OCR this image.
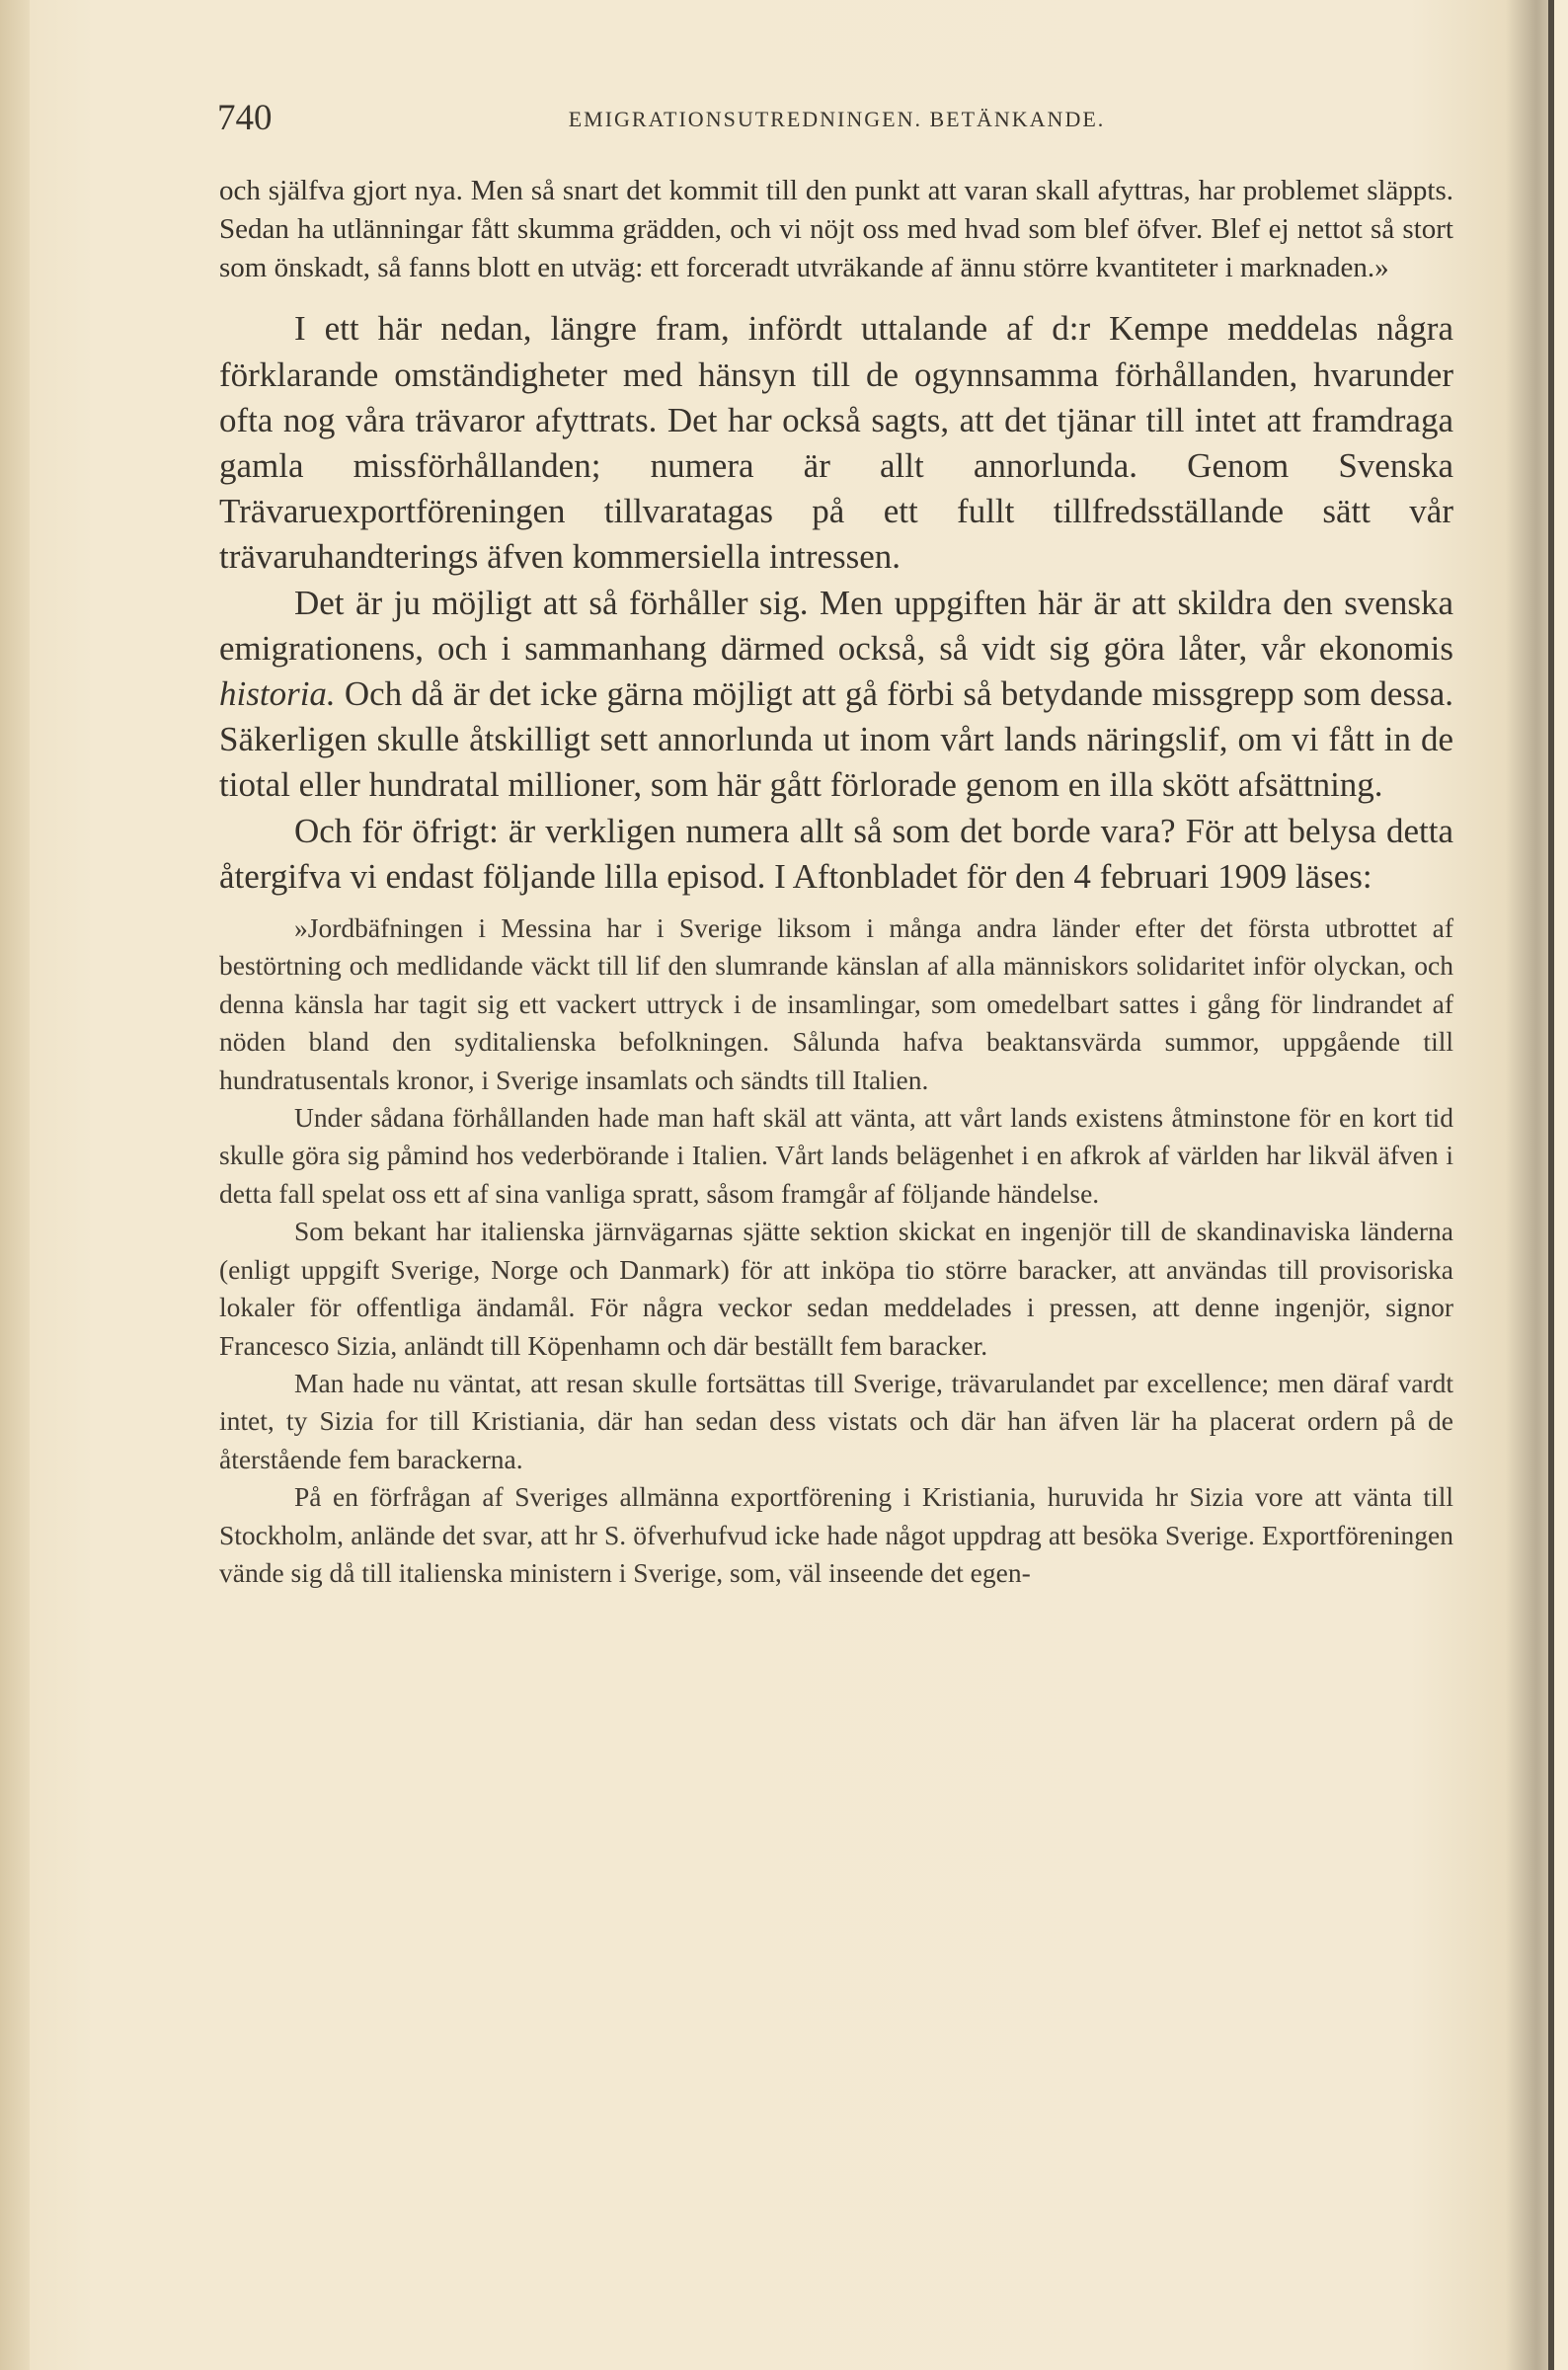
740	EMIGRATIONSUTREDNINGEN. BETÄNKANDE.

och själfva gjort nya. Men så snart det kommit till den punkt att varan skall afyttras, har problemet släppts. Sedan ha utlänningar fått skumma grädden, och vi nöjt oss med hvad som blef öfver. Blef ej nettot så stort som önskadt, så fanns blott en utväg: ett forceradt utvräkande af ännu större kvantiteter i marknaden.»

I ett här nedan, längre fram, infördt uttalande af d:r Kempe meddelas några förklarande omständigheter med hänsyn till de ogynnsamma förhållanden, hvarunder ofta nog våra trävaror afyttrats. Det har också sagts, att det tjänar till intet att framdraga gamla missförhållanden; numera är allt annorlunda. Genom Svenska Trävaruexportföreningen tillvaratagas på ett fullt tillfredsställande sätt vår trävaruhandterings äfven kommersiella intressen.

Det är ju möjligt att så förhåller sig. Men uppgiften här är att skildra den svenska emigrationens, och i sammanhang därmed också, så vidt sig göra låter, vår ekonomis historia. Och då är det icke gärna möjligt att gå förbi så betydande missgrepp som dessa. Säkerligen skulle åtskilligt sett annorlunda ut inom vårt lands näringslif, om vi fått in de tiotal eller hundratal millioner, som här gått förlorade genom en illa skött afsättning.

Och för öfrigt: är verkligen numera allt så som det borde vara? För att belysa detta återgifva vi endast följande lilla episod. I Aftonbladet för den 4 februari 1909 läses:

»Jordbäfningen i Messina har i Sverige liksom i många andra länder efter det första utbrottet af bestörtning och medlidande väckt till lif den slumrande känslan af alla människors solidaritet inför olyckan, och denna känsla har tagit sig ett vackert uttryck i de insamlingar, som omedelbart sattes i gång för lindrandet af nöden bland den syditalienska befolkningen. Sålunda hafva beaktansvärda summor, uppgående till hundratusentals kronor, i Sverige insamlats och sändts till Italien.

Under sådana förhållanden hade man haft skäl att vänta, att vårt lands existens åtminstone för en kort tid skulle göra sig påmind hos vederbörande i Italien. Vårt lands belägenhet i en afkrok af världen har likväl äfven i detta fall spelat oss ett af sina vanliga spratt, såsom framgår af följande händelse.

Som bekant har italienska järnvägarnas sjätte sektion skickat en ingenjör till de skandinaviska länderna (enligt uppgift Sverige, Norge och Danmark) för att inköpa tio större baracker, att användas till provisoriska lokaler för offentliga ändamål. För några veckor sedan meddelades i pressen, att denne ingenjör, signor Francesco Sizia, anländt till Köpenhamn och där beställt fem baracker.

Man hade nu väntat, att resan skulle fortsättas till Sverige, trävarulandet par excellence; men däraf vardt intet, ty Sizia for till Kristiania, där han sedan dess vistats och där han äfven lär ha placerat ordern på de återstående fem barackerna.

På en förfrågan af Sveriges allmänna exportförening i Kristiania, huruvida hr Sizia vore att vänta till Stockholm, anlände det svar, att hr S. öfverhufvud icke hade något uppdrag att besöka Sverige. Exportföreningen vände sig då till italienska ministern i Sverige, som, väl inseende det egen-
